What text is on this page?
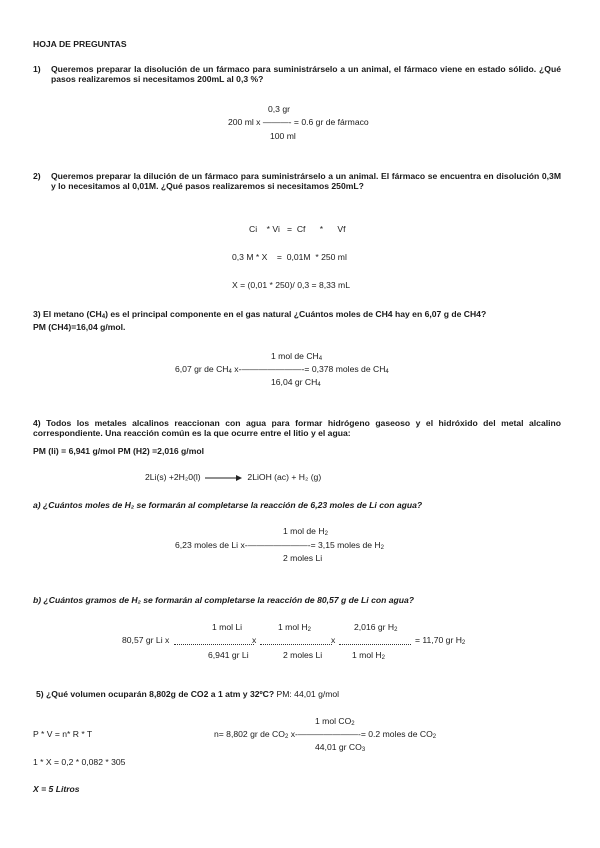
HOJA DE PREGUNTAS
1) Queremos preparar la disolución de un fármaco para suministrárselo a un animal, el fármaco viene en estado sólido. ¿Qué pasos realizaremos si necesitamos 200mL al 0,3 %?
0,3 gr
200 ml x ———- = 0.6 gr de fármaco
100 ml
2) Queremos preparar la dilución de un fármaco para suministrárselo a un animal. El fármaco se encuentra en disolución 0,3M y lo necesitamos al 0,01M. ¿Qué pasos realizaremos si necesitamos 250mL?
Ci    * Vi   =  Cf      *      Vf
0,3 M * X    =  0,01M  * 250 ml
X = (0,01 * 250)/ 0,3 = 8,33 mL
3) El metano $(CH_4)$ es el principal componente en el gas natural ¿Cuántos moles de CH4 hay en 6,07 g de CH4?
PM (CH4)=16,04 g/mol.
1 mol de $CH_4$
6,07 gr de $CH_4$ x-———————-= 0,378 moles de $CH_4$
16,04 gr $CH_4$
4) Todos los metales alcalinos reaccionan con agua para formar hidrógeno gaseoso y el hidróxido del metal alcalino correspondiente. Una reacción común es la que ocurre entre el litio y el agua:
PM (li) = 6,941 g/mol PM (H2) =2,016 g/mol
2Li(s) +2H₂0(l)	2LiOH (ac) + H₂ (g)
a) ¿Cuántos moles de H₂ se formarán al completarse la reacción de 6,23 moles de Li con agua?
1 mol de $H_2$
6,23 moles de Li x-———————-= 3,15 moles de $H_2$
2 moles Li
b) ¿Cuántos gramos de H₂ se formarán al completarse la reacción de 80,57 g de Li con agua?
80,57 gr Li x	x	x	= 11,70 gr $H_2$
1 mol Li
6,941 gr Li
1 mol $H_2$
2 moles Li
2,016 gr $H_2$
1 mol $H_2$
5) ¿Qué volumen ocuparán 8,802g de CO2 a 1 atm y 32ºC? PM: 44,01 g/mol
1 mol $CO_2$
P * V = n* R * T	n= 8,802 gr de $CO_2$ x-———————-= 0.2 moles de $CO_2$
44,01 gr $CO_3$
1 * X = 0,2 * 0,082 * 305
X = 5 Litros
